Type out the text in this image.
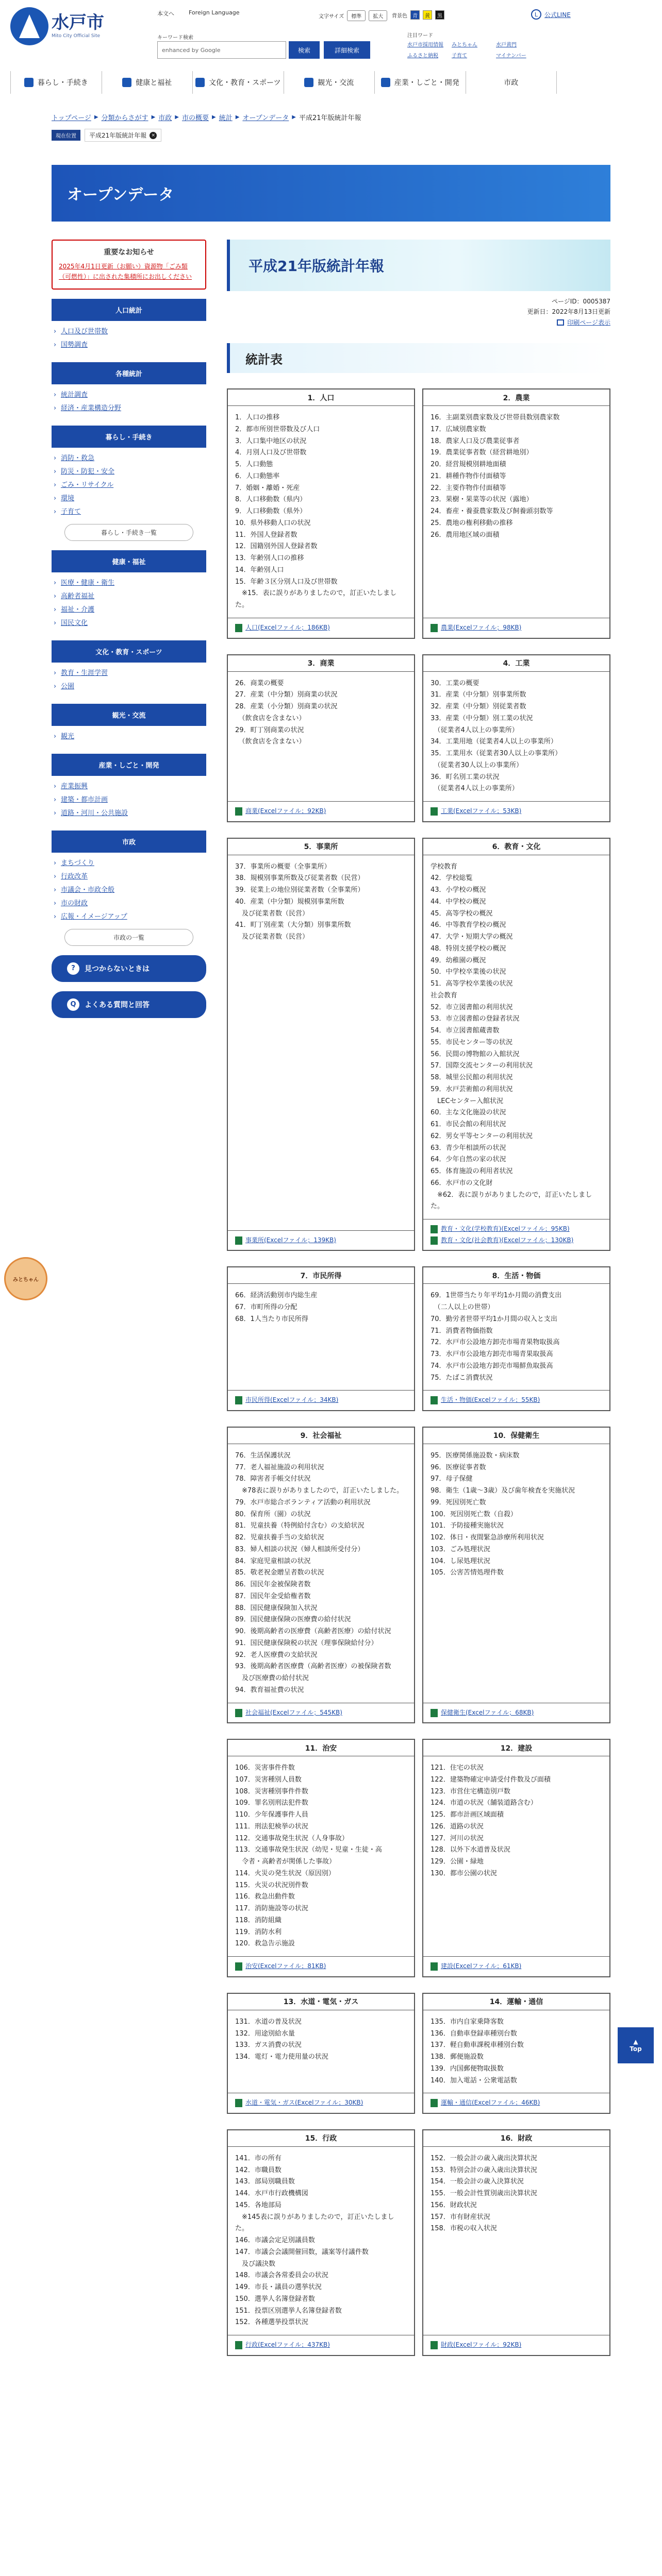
水戸市
Mito City Official Site
本文へ	Foreign Language
文字サイズ	標準	拡大	背景色	青	黄	黒	L	公式LINE
キーワード検索
enhanced by Google	検索	詳細検索
注目ワード
水戸市採用情報	みとちゃん	水戸黄門
ふるさと納税	子育て	マイナンバー
暮らし・手続き	健康と福祉	文化・教育・スポーツ	観光・交流	産業・しごと・開発	市政
トップページ ▶ 分類からさがす ▶ 市政 ▶ 市の概要 ▶ 統計 ▶ オープンデータ ▶ 平成21年版統計年報
現在位置	平成21年版統計年報	×
オープンデータ
重要なお知らせ

2025年4月1日更新（お願い）資源物「ごみ類（可燃性）」に出された集積所にお出しください

人口統計
› 人口及び世帯数
› 国勢調査
各種統計
› 統計調査
› 経済・産業構造分野
暮らし・手続き
› 消防・救急
› 防災・防犯・安全
› ごみ・リサイクル
› 環境
› 子育て
暮らし・手続き一覧
健康・福祉
› 医療・健康・衛生
› 高齢者福祉
› 福祉・介護
› 国民文化
文化・教育・スポーツ
› 教育・生涯学習
› 公園
観光・交流
› 観光
産業・しごと・開発
› 産業振興
› 建築・都市計画
› 道路・河川・公共施設
市政
› まちづくり
› 行政改革
› 市議会・市政全般
› 市の財政
› 広報・イメージアップ
市政の一覧
?	見つからないときは
Q	よくある質問と回答
平成21年版統計年報
ページID：0005387
更新日：2022年8月13日更新
印刷ページ表示
統計表
1．人口
1．人口の推移
2．都市所別世帯数及び人口
3．人口集中地区の状況
4．月別人口及び世帯数
5．人口動態
6．人口動態率
7．婚姻・離婚・死産
8．人口移動数（県内）
9．人口移動数（県外）
10．県外移動人口の状況
11．外国人登録者数
12．国籍別外国人登録者数
13．年齢別人口の推移
14．年齢別人口
15．年齢３区分別人口及び世帯数
　※15．表に誤りがありましたので，訂正いたしました。
人口(Excelファイル；186KB)
2．農業
16．主副業別農家数及び世帯員数別農家数
17．広域別農家数
18．農家人口及び農業従事者
19．農業従事者数（経営耕地別）
20．経営規模別耕地面積
21．耕種作物作付面積等
22．主要作物作付面積等
23．果樹・果菜等の状況（露地）
24．畜産・養蚕農家数及び飼養頭羽数等
25．農地の権利移動の推移
26．農用地区域の面積
農業(Excelファイル；98KB)
3．商業
26．商業の概要
27．産業（中分類）別商業の状況
28．産業（小分類）別商業の状況
　（飲食店を含まない）
29．町丁別商業の状況
　（飲食店を含まない）
商業(Excelファイル；92KB)
4．工業
30．工業の概要
31．産業（中分類）別事業所数
32．産業（中分類）別従業者数
33．産業（中分類）別工業の状況
　（従業者4人以上の事業所）
34．工業用地（従業者4人以上の事業所）
35．工業用水（従業者30人以上の事業所）
　（従業者30人以上の事業所）
36．町名別工業の状況
　（従業者4人以上の事業所）
工業(Excelファイル；53KB)
5．事業所
37．事業所の概要（全事業所）
38．規模別事業所数及び従業者数（民営）
39．従業上の地位別従業者数（全事業所）
40．産業（中分類）規模別事業所数
　及び従業者数（民営）
41．町丁別産業（大分類）別事業所数
　及び従業者数（民営）
事業所(Excelファイル；139KB)
6．教育・文化
学校教育
42．学校総覧
43．小学校の概況
44．中学校の概況
45．高等学校の概況
46．中等教育学校の概況
47．大学・短期大学の概況
48．特別支援学校の概況
49．幼稚園の概況
50．中学校卒業後の状況
51．高等学校卒業後の状況
社会教育
52．市立図書館の利用状況
53．市立図書館の登録者状況
54．市立図書館蔵書数
55．市民センター等の状況
56．民間の博物館の入館状況
57．国際交流センターの利用状況
58．城里公民館の利用状況
59．水戸芸術館の利用状況
　LECセンター入館状況
60．主な文化施設の状況
61．市民会館の利用状況
62．男女平等センターの利用状況
63．青少年相談所の状況
64．少年自然の家の状況
65．体育施設の利用者状況
66．水戸市の文化財
　※62．表に誤りがありましたので，訂正いたしました。
教育・文化(学校教育)(Excelファイル；95KB)
教育・文化(社会教育)(Excelファイル；130KB)
7．市民所得
66．経済活動別市内総生産
67．市町所得の分配
68．1人当たり市民所得
市民所得(Excelファイル；34KB)
8．生活・物価
69．1世帯当たり年平均1か月間の消費支出
　（二人以上の世帯）
70．勤労者世帯平均1か月間の収入と支出
71．消費者物価指数
72．水戸市公設地方卸売市場青果物取扱高
73．水戸市公設地方卸売市場青果取扱高
74．水戸市公設地方卸売市場鮮魚取扱高
75．たばこ消費状況
生活・物価(Excelファイル；55KB)
9．社会福祉
76．生活保護状況
77．老人福祉施設の利用状況
78．障害者手帳交付状況
　※78表に誤りがありましたので，訂正いたしました。
79．水戸市総合ボランティア活動の利用状況
80．保育所（園）の状況
81．児童扶養（特例給付含む）の支給状況
82．児童扶養手当の支給状況
83．婦人相談の状況（婦人相談所受付分）
84．家庭児童相談の状況
85．敬老祝金贈呈者数の状況
86．国民年金被保険者数
87．国民年金受給権者数
88．国民健康保険加入状況
89．国民健康保険の医療費の給付状況
90．後期高齢者の医療費（高齢者医療）の給付状況
91．国民健康保険税の状況（理事保険給付分）
92．老人医療費の支給状況
93．後期高齢者医療費（高齢者医療）の被保険者数
　及び医療費の給付状況
94．教育福祉費の状況
社会福祉(Excelファイル；545KB)
10．保健衛生
95．医療関係施設数・病床数
96．医療従事者数
97．母子保健
98．衛生（1歳〜3歳）及び歯年検査を実施状況
99．死因別死亡数
100．死因別死亡数（自殺）
101．予防接種実施状況
102．体日・夜間緊急診療所利用状況
103．ごみ処理状況
104．し尿処理状況
105．公害苦情処理件数
保健衛生(Excelファイル；68KB)
11．治安
106．災害事件件数
107．災害種別人員数
108．災害種別事件件数
109．罪名別刑法犯件数
110．少年保護事件人員
111．刑法犯検挙の状況
112．交通事故発生状況（人身事故）
113．交通事故発生状況（幼児・児童・生徒・高
　令者・高齢者が関係した事故）
114．火災の発生状況（原因別）
115．火災の状況別件数
116．救急出動件数
117．消防施設等の状況
118．消防組織
119．消防水利
120．救急告示施設
治安(Excelファイル；81KB)
12．建設
121．住宅の状況
122．建築物確定申請受付件数及び面積
123．市営住宅構造別戸数
124．市道の状況（舗装道路含む）
125．都市計画区域面積
126．道路の状況
127．河川の状況
128．以外下水道普及状況
129．公園・緑地
130．都市公園の状況
建設(Excelファイル；61KB)
13．水道・電気・ガス
131．水道の普及状況
132．用途別給水量
133．ガス消費の状況
134．電灯・電力使用量の状況
水道・電気・ガス(Excelファイル；30KB)
14．運輸・通信
135．市内自家乗降客数
136．自動車登録車種別台数
137．軽自動車課税車種別台数
138．郵便施設数
139．内国郵便物取扱数
140．加入電話・公衆電話数
運輸・通信(Excelファイル；46KB)
15．行政
141．市の所有
142．市職員数
143．部局別職員数
144．水戸市行政機構図
145．各地部局
　※145表に誤りがありましたので，訂正いたしました。
146．市議会定足別議員数
147．市議会会議開催回数，議案等付議件数
　及び議決数
148．市議会各常委員会の状況
149．市長・議員の選挙状況
150．選挙人名簿登録者数
151．投票区別選挙人名簿登録者数
152．各種選挙投票状況
行政(Excelファイル；437KB)
16．財政
152．一般会計の歳入歳出決算状況
153．特別会計の歳入歳出決算状況
154．一般会計の歳入決算状況
155．一般会計性質別歳出決算状況
156．財政状況
157．市有財産状況
158．市税の収入状況
財政(Excelファイル；92KB)
みとちゃん
▲
Top
